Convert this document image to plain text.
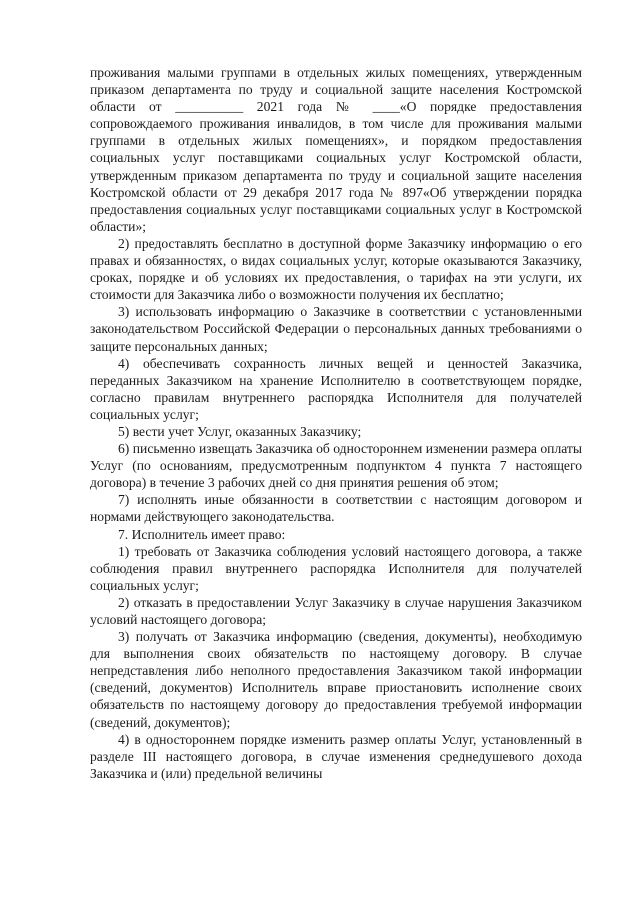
проживания малыми группами в отдельных жилых помещениях, утвержденным приказом департамента по труду и социальной защите населения Костромской области от __________ 2021 года № ____«О порядке предоставления сопровождаемого проживания инвалидов, в том числе для проживания малыми группами в отдельных жилых помещениях», и порядком предоставления социальных услуг поставщиками социальных услуг Костромской области, утвержденным приказом департамента по труду и социальной защите населения Костромской области от 29 декабря 2017 года № 897«Об утверждении порядка предоставления социальных услуг поставщиками социальных услуг в Костромской области»;

2) предоставлять бесплатно в доступной форме Заказчику информацию о его правах и обязанностях, о видах социальных услуг, которые оказываются Заказчику, сроках, порядке и об условиях их предоставления, о тарифах на эти услуги, их стоимости для Заказчика либо о возможности получения их бесплатно;

3) использовать информацию о Заказчике в соответствии с установленными законодательством Российской Федерации о персональных данных требованиями о защите персональных данных;

4) обеспечивать сохранность личных вещей и ценностей Заказчика, переданных Заказчиком на хранение Исполнителю в соответствующем порядке, согласно правилам внутреннего распорядка Исполнителя для получателей социальных услуг;

5) вести учет Услуг, оказанных Заказчику;

6) письменно извещать Заказчика об одностороннем изменении размера оплаты Услуг (по основаниям, предусмотренным подпунктом 4 пункта 7 настоящего договора) в течение 3 рабочих дней со дня принятия решения об этом;

7) исполнять иные обязанности в соответствии с настоящим договором и нормами действующего законодательства.

7. Исполнитель имеет право:

1) требовать от Заказчика соблюдения условий настоящего договора, а также соблюдения правил внутреннего распорядка Исполнителя для получателей социальных услуг;

2) отказать в предоставлении Услуг Заказчику в случае нарушения Заказчиком условий настоящего договора;

3) получать от Заказчика информацию (сведения, документы), необходимую для выполнения своих обязательств по настоящему договору. В случае непредставления либо неполного предоставления Заказчиком такой информации (сведений, документов) Исполнитель вправе приостановить исполнение своих обязательств по настоящему договору до предоставления требуемой информации (сведений, документов);

4) в одностороннем порядке изменить размер оплаты Услуг, установленный в разделе III настоящего договора, в случае изменения среднедушевого дохода Заказчика и (или) предельной величины
